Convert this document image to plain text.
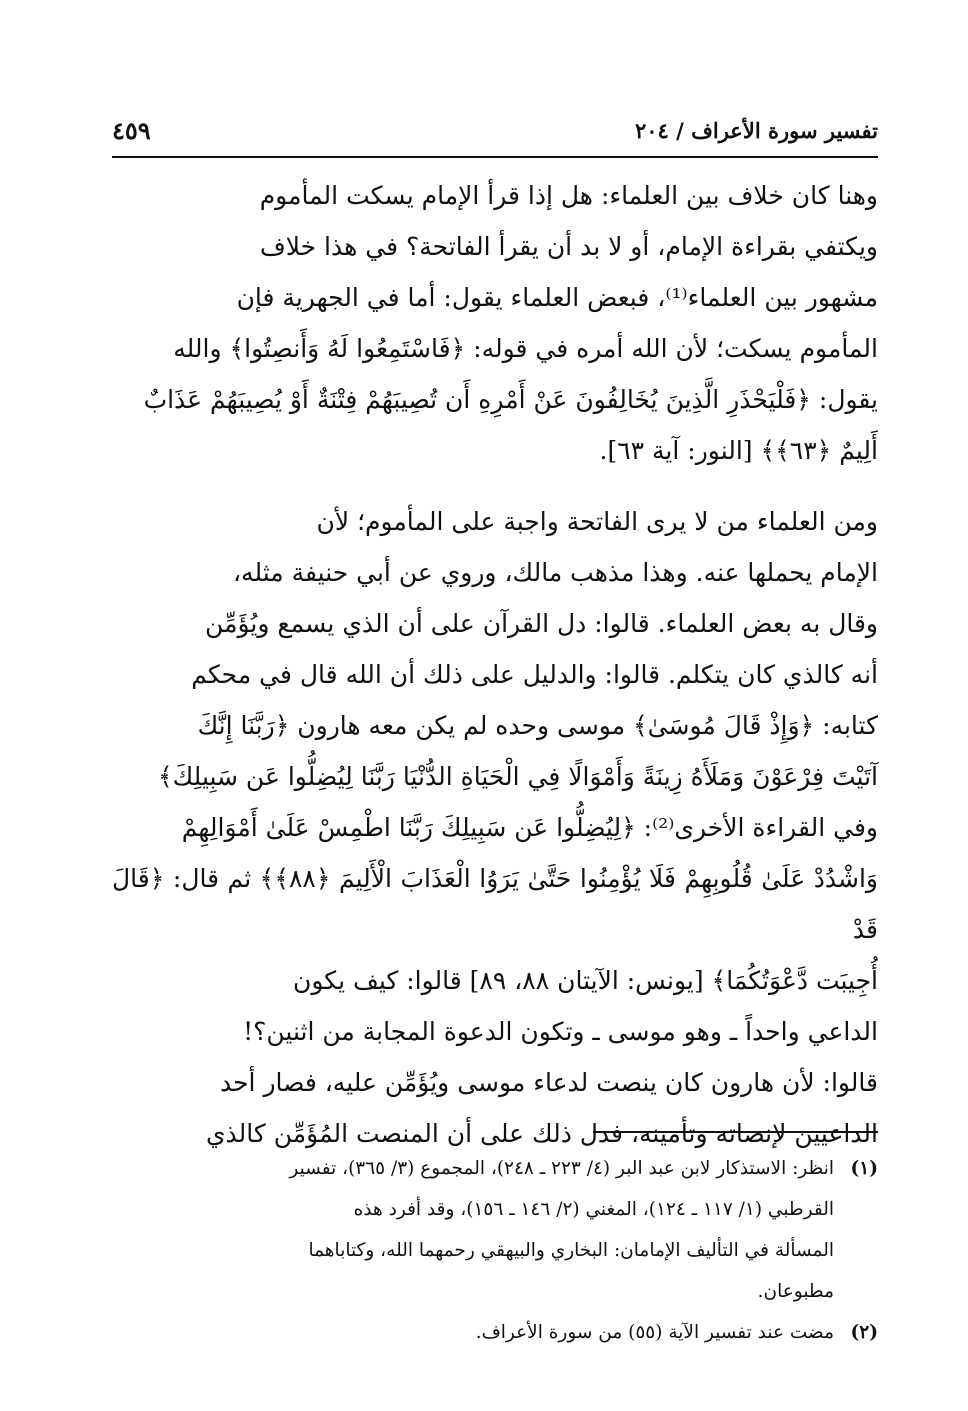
تفسير سورة الأعراف / ٢٠٤
٤٥٩

وهنا كان خلاف بين العلماء: هل إذا قرأ الإمام يسكت المأموم

ويكتفي بقراءة الإمام، أو لا بد أن يقرأ الفاتحة؟ في هذا خلاف

مشهور بين العلماء⁽¹⁾، فبعض العلماء يقول: أما في الجهرية فإن

المأموم يسكت؛ لأن الله أمره في قوله: ﴿فَاسْتَمِعُوا لَهُ وَأَنصِتُوا﴾ والله

يقول: ﴿فَلْيَحْذَرِ الَّذِينَ يُخَالِفُونَ عَنْ أَمْرِهِ أَن تُصِيبَهُمْ فِتْنَةٌ أَوْ يُصِيبَهُمْ عَذَابٌ

أَلِيمٌ ﴿٦٣﴾﴾ [النور: آية ٦٣].

ومن العلماء من لا يرى الفاتحة واجبة على المأموم؛ لأن

الإمام يحملها عنه. وهذا مذهب مالك، وروي عن أبي حنيفة مثله،

وقال به بعض العلماء. قالوا: دل القرآن على أن الذي يسمع ويُؤَمِّن

أنه كالذي كان يتكلم. قالوا: والدليل على ذلك أن الله قال في محكم

كتابه: ﴿وَإِذْ قَالَ مُوسَىٰ﴾ موسى وحده لم يكن معه هارون ﴿رَبَّنَا إِنَّكَ

آتَيْتَ فِرْعَوْنَ وَمَلَأَهُ زِينَةً وَأَمْوَالًا فِي الْحَيَاةِ الدُّنْيَا رَبَّنَا لِيُضِلُّوا عَن سَبِيلِكَ﴾

وفي القراءة الأخرى⁽²⁾: ﴿لِيُضِلُّوا عَن سَبِيلِكَ رَبَّنَا اطْمِسْ عَلَىٰ أَمْوَالِهِمْ

وَاشْدُدْ عَلَىٰ قُلُوبِهِمْ فَلَا يُؤْمِنُوا حَتَّىٰ يَرَوُا الْعَذَابَ الْأَلِيمَ ﴿٨٨﴾﴾ ثم قال: ﴿قَالَ قَدْ

أُجِيبَت دَّعْوَتُكُمَا﴾ [يونس: الآيتان ٨٨، ٨٩] قالوا: كيف يكون

الداعي واحداً ـ وهو موسى ـ وتكون الدعوة المجابة من اثنين؟!

قالوا: لأن هارون كان ينصت لدعاء موسى ويُؤَمِّن عليه، فصار أحد

الداعيين لإنصاته وتأمينه، فدل ذلك على أن المنصت المُؤَمِّن كالذي

(١)
انظر: الاستذكار لابن عبد البر (٤/ ٢٢٣ ـ ٢٤٨)، المجموع (٣/ ٣٦٥)، تفسير
القرطبي (١/ ١١٧ ـ ١٢٤)، المغني (٢/ ١٤٦ ـ ١٥٦)، وقد أفرد هذه
المسألة في التأليف الإمامان: البخاري والبيهقي رحمهما الله، وكتاباهما
مطبوعان.
(٢)
مضت عند تفسير الآية (٥٥) من سورة الأعراف.
